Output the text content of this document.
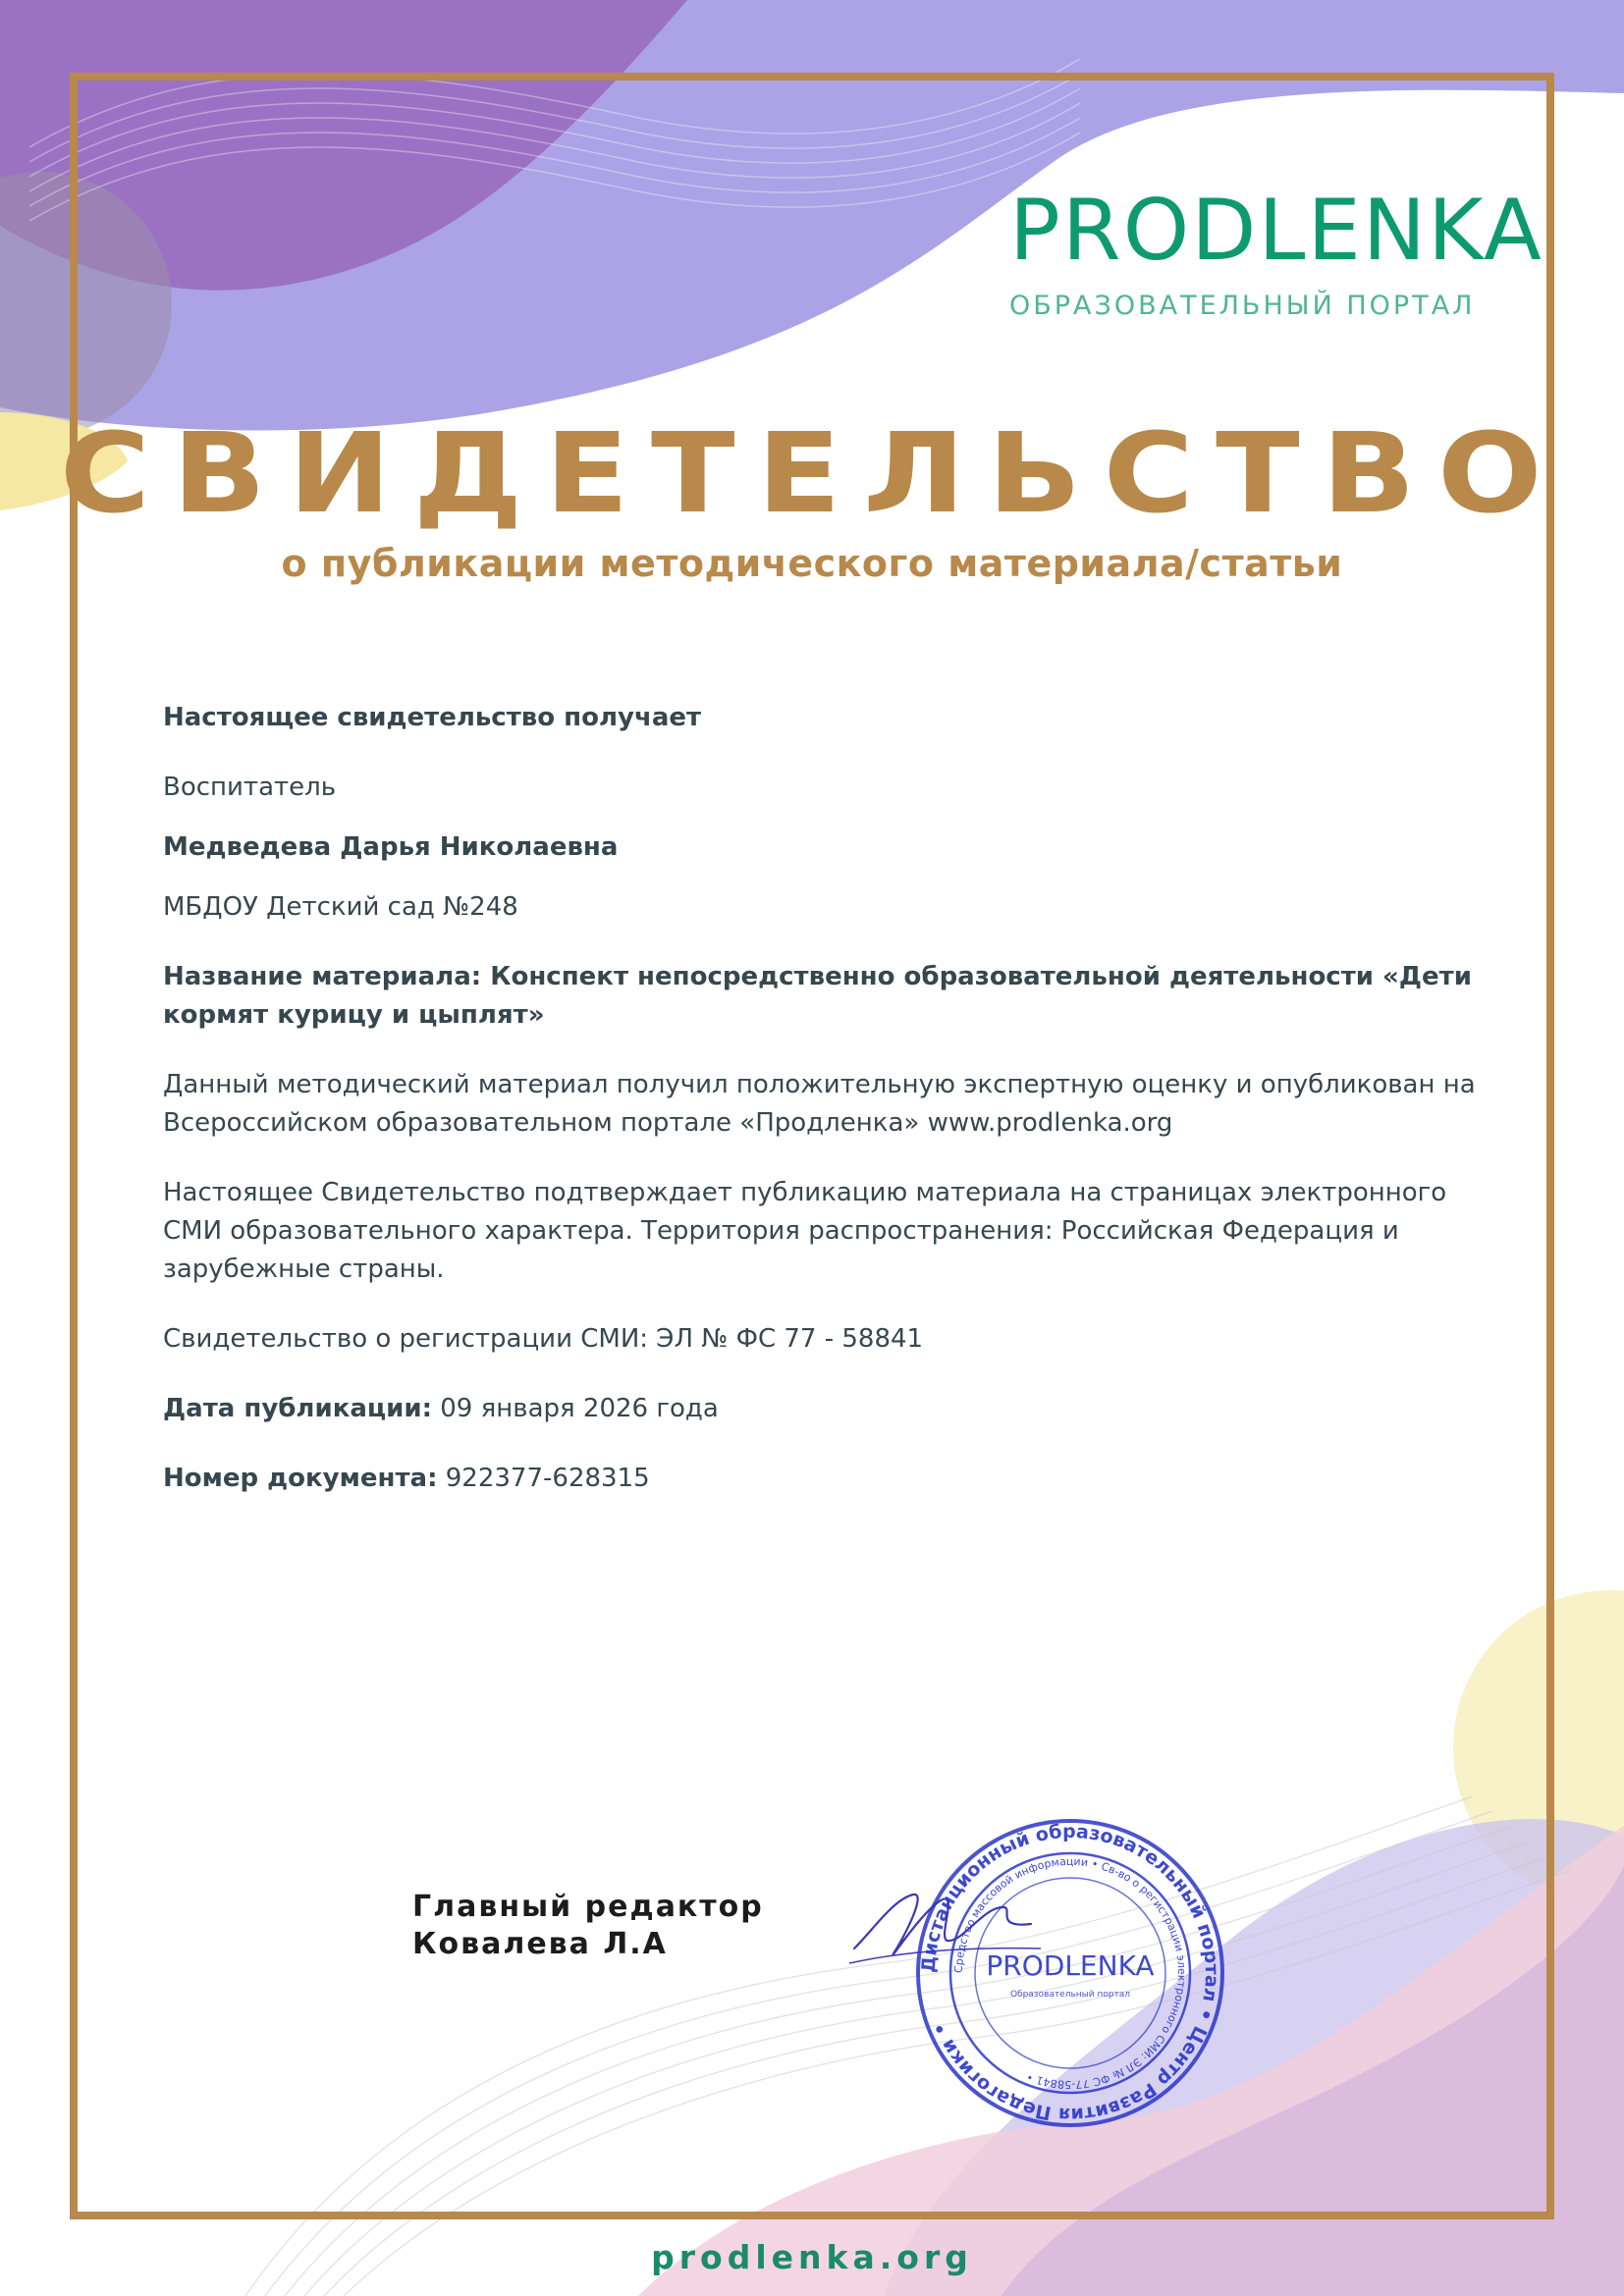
PRODLENKA
ОБРАЗОВАТЕЛЬНЫЙ ПОРТАЛ
СВИДЕТЕЛЬСТВО
о публикации методического материала/статьи

Настоящее свидетельство получает

Воспитатель

Медведева Дарья Николаевна

МБДОУ Детский сад №248

Название материала: Конспект непосредственно образовательной деятельности «Дети кормят курицу и цыплят»

Данный методический материал получил положительную экспертную оценку и опубликован на Всероссийском образовательном портале «Продленка» www.prodlenka.org

Настоящее Свидетельство подтверждает публикацию материала на страницах электронного СМИ образовательного характера. Территория распространения: Российская Федерация и зарубежные страны.

Свидетельство о регистрации СМИ: ЭЛ № ФС 77 - 58841

Дата публикации: 09 января 2026 года

Номер документа: 922377-628315

Главный редактор
Ковалева Л.А
Дистанционный образовательный портал • Центр Развития Педагогики •
Средство массовой информации • Св-во о регистрации электронного СМИ: ЭЛ № ФС 77-58841 •
PRODLENKA
Образовательный портал
prodlenka.org
